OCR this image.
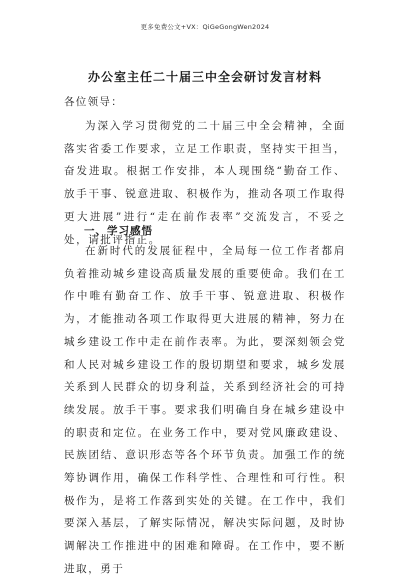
更多免费公文+VX：QiGeGongWen2024
办公室主任二十届三中全会研讨发言材料
各位领导：

为深入学习贯彻党的二十届三中全会精神，全面落实省委工作要求，立足工作职责，坚持实干担当，奋发进取。根据工作安排，本人现围绕“勤奋工作、放手干事、锐意进取、积极作为，推动各项工作取得更大进展”进行“走在前作表率”交流发言，不妥之处，请批评指正。

一、学习感悟

在新时代的发展征程中，全局每一位工作者都肩负着推动城乡建设高质量发展的重要使命。我们在工作中唯有勤奋工作、放手干事、锐意进取、积极作为，才能推动各项工作取得更大进展的精神，努力在城乡建设工作中走在前作表率。为此，要深刻领会党和人民对城乡建设工作的殷切期望和要求，城乡发展关系到人民群众的切身利益，关系到经济社会的可持续发展。放手干事。要求我们明确自身在城乡建设中的职责和定位。在业务工作中，要对党风廉政建设、民族团结、意识形态等各个环节负责。加强工作的统筹协调作用，确保工作科学性、合理性和可行性。积极作为，是将工作落到实处的关键。在工作中，我们要深入基层，了解实际情况，解决实际问题，及时协调解决工作推进中的困难和障碍。在工作中，要不断进取，勇于
